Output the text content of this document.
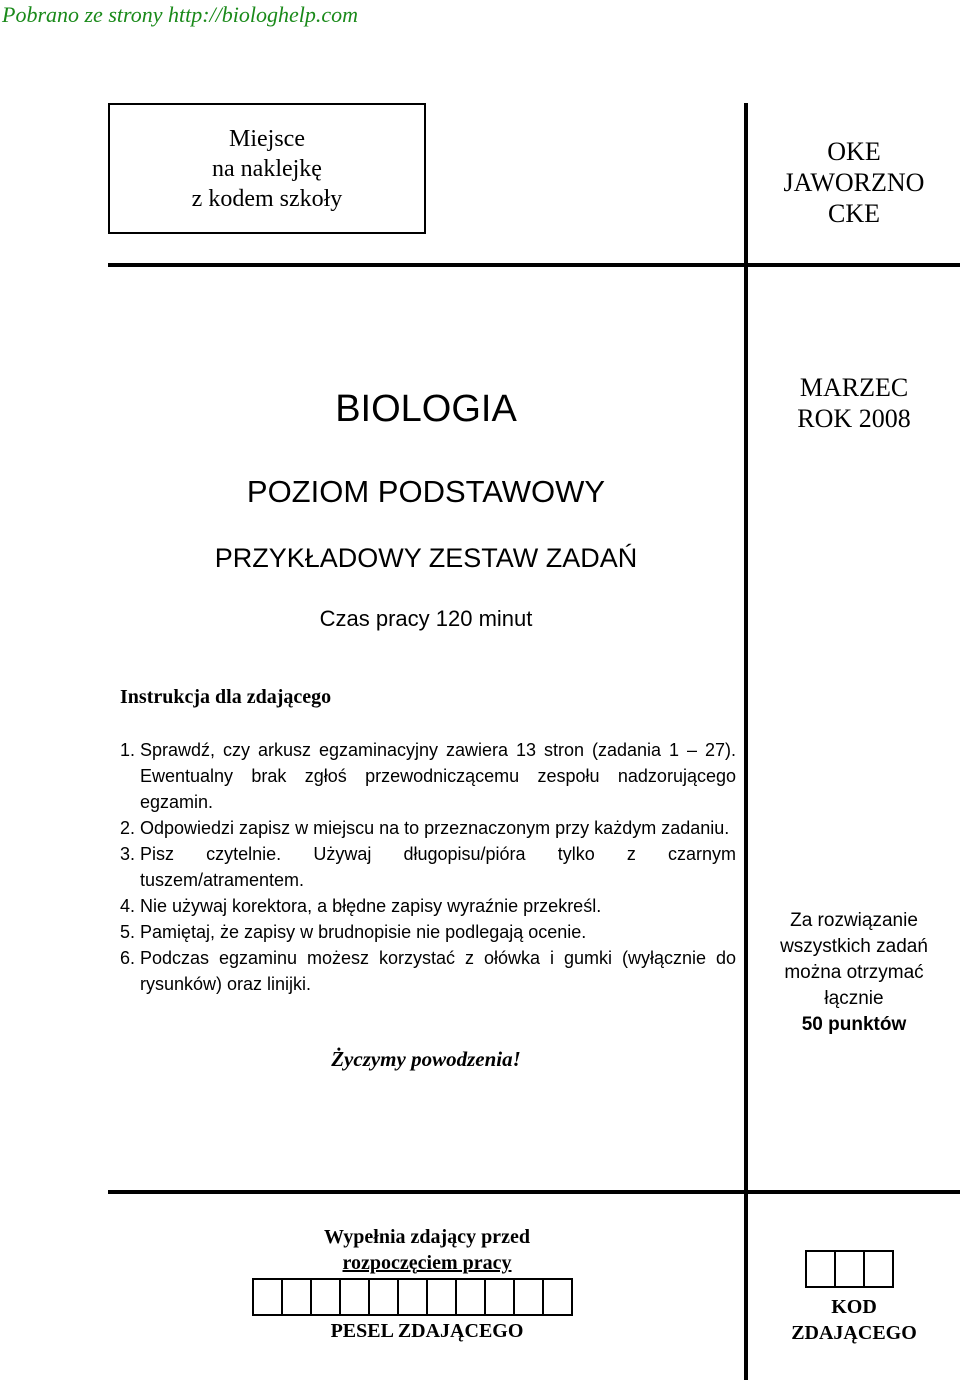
Pobrano ze strony http://biologhelp.com
Miejsce
na naklejkę
z kodem szkoły
OKE
JAWORZNO
CKE
MARZEC
ROK 2008
BIOLOGIA
POZIOM PODSTAWOWY
PRZYKŁADOWY ZESTAW ZADAŃ
Czas pracy 120 minut
Instrukcja dla zdającego
1. Sprawdź, czy arkusz egzaminacyjny zawiera 13 stron (zadania 1 – 27). Ewentualny brak zgłoś przewodniczącemu zespołu nadzorującego egzamin.
2. Odpowiedzi zapisz w miejscu na to przeznaczonym przy każdym zadaniu.
3. Pisz czytelnie. Używaj długopisu/pióra tylko z czarnym tuszem/atramentem.
4. Nie używaj korektora, a błędne zapisy wyraźnie przekreśl.
5. Pamiętaj, że zapisy w brudnopisie nie podlegają ocenie.
6. Podczas egzaminu możesz korzystać z ołówka i gumki (wyłącznie do rysunków) oraz linijki.
Życzymy powodzenia!
Za rozwiązanie
wszystkich zadań
można otrzymać
łącznie
50 punktów
Wypełnia zdający przed
rozpoczęciem pracy
PESEL ZDAJĄCEGO
KOD
ZDAJĄCEGO
